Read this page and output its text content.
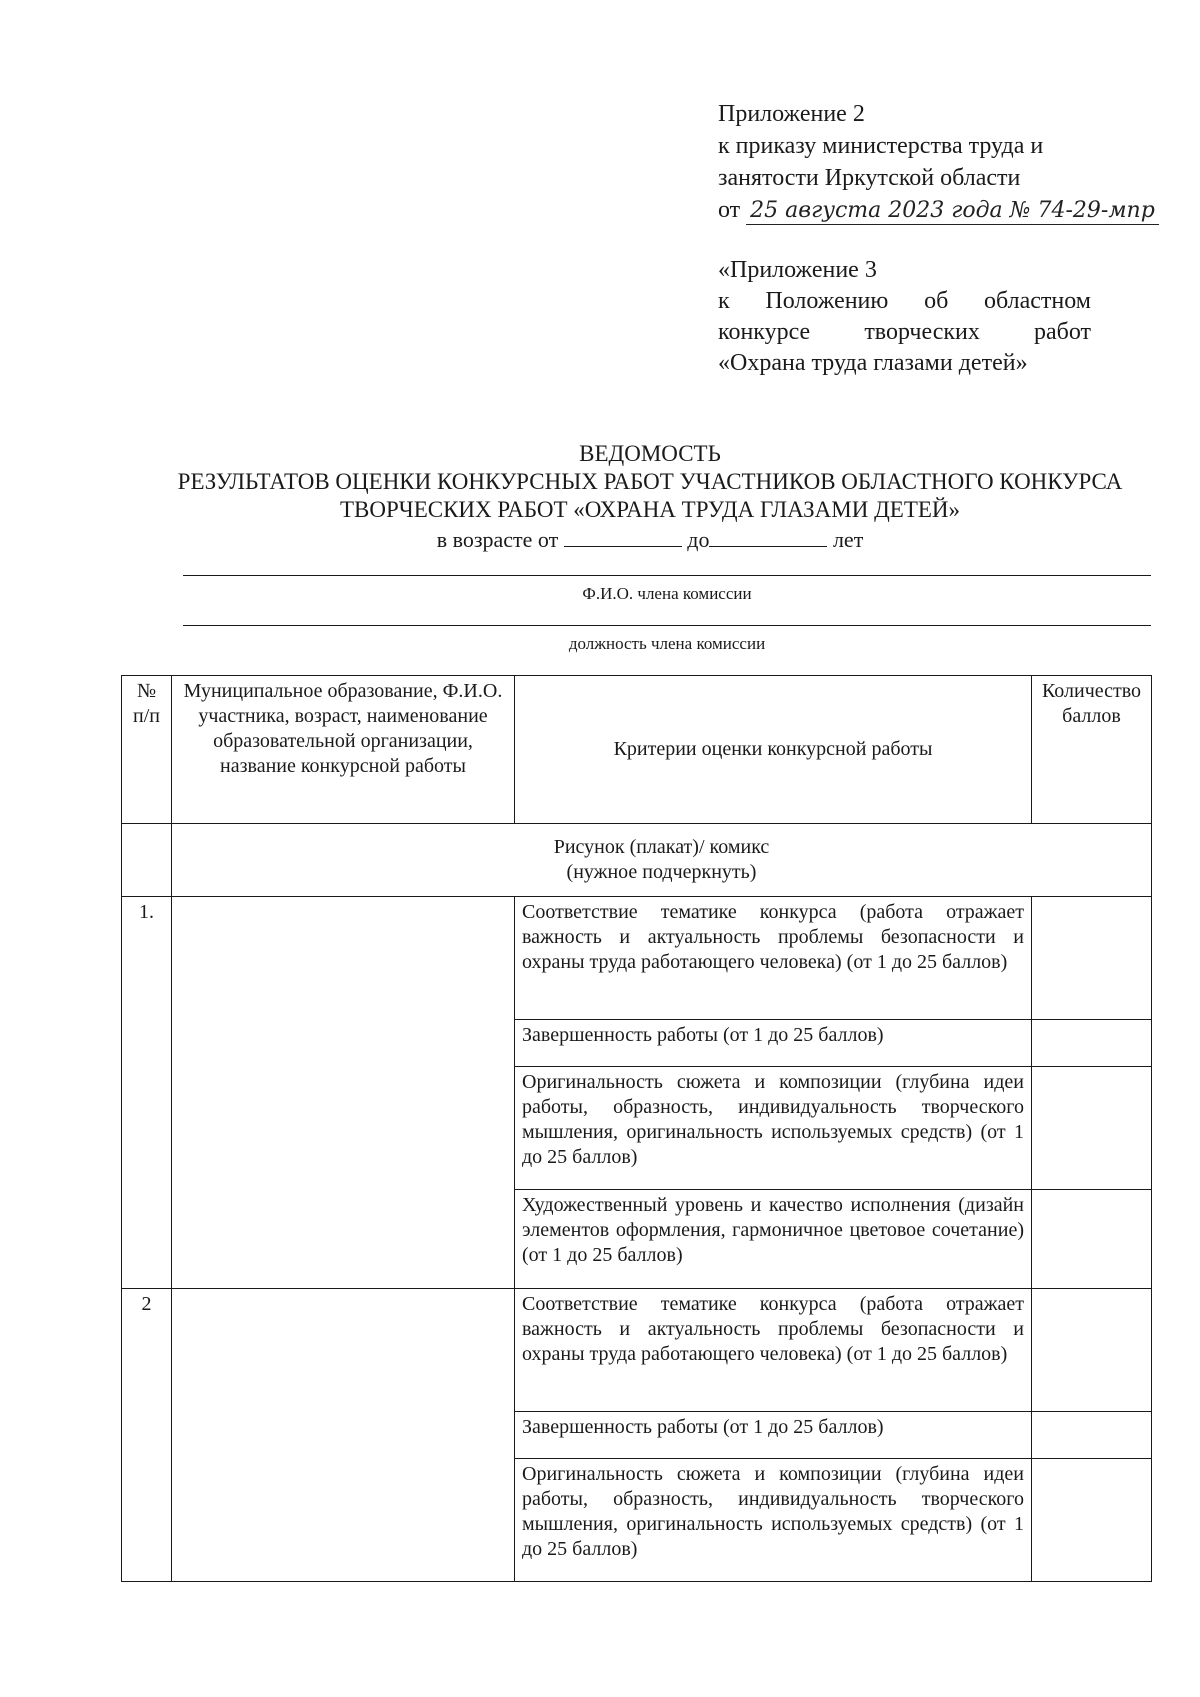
Приложение 2
к приказу министерства труда и
занятости Иркутской области
от 25 августа 2023 года № 74-29-мпр
«Приложение 3
к Положению об областном
конкурсе творческих работ
«Охрана труда глазами детей»
ВЕДОМОСТЬ
РЕЗУЛЬТАТОВ ОЦЕНКИ КОНКУРСНЫХ РАБОТ УЧАСТНИКОВ ОБЛАСТНОГО КОНКУРСА
ТВОРЧЕСКИХ РАБОТ «ОХРАНА ТРУДА ГЛАЗАМИ ДЕТЕЙ»
в возрасте от	до	лет
Ф.И.О. члена комиссии
должность члена комиссии
№ п/п	Муниципальное образование, Ф.И.О. участника, возраст, наименование образовательной организации, название конкурсной работы	Критерии оценки конкурсной работы	Количество баллов

	Рисунок (плакат)/ комикс
(нужное подчеркнуть)		

1.		Соответствие тематике конкурса (работа отражает важность и актуальность проблемы безопасности и охраны труда работающего человека) (от 1 до 25 баллов)	
		Завершенность работы (от 1 до 25 баллов)	
		Оригинальность сюжета и композиции (глубина идеи работы, образность, индивидуальность творческого мышления, оригинальность используемых средств) (от 1 до 25 баллов)	
		Художественный уровень и качество исполнения (дизайн элементов оформления, гармоничное цветовое сочетание) (от 1 до 25 баллов)	
2		Соответствие тематике конкурса (работа отражает важность и актуальность проблемы безопасности и охраны труда работающего человека) (от 1 до 25 баллов)	
		Завершенность работы (от 1 до 25 баллов)	
		Оригинальность сюжета и композиции (глубина идеи работы, образность, индивидуальность творческого мышления, оригинальность используемых средств) (от 1 до 25 баллов)	
